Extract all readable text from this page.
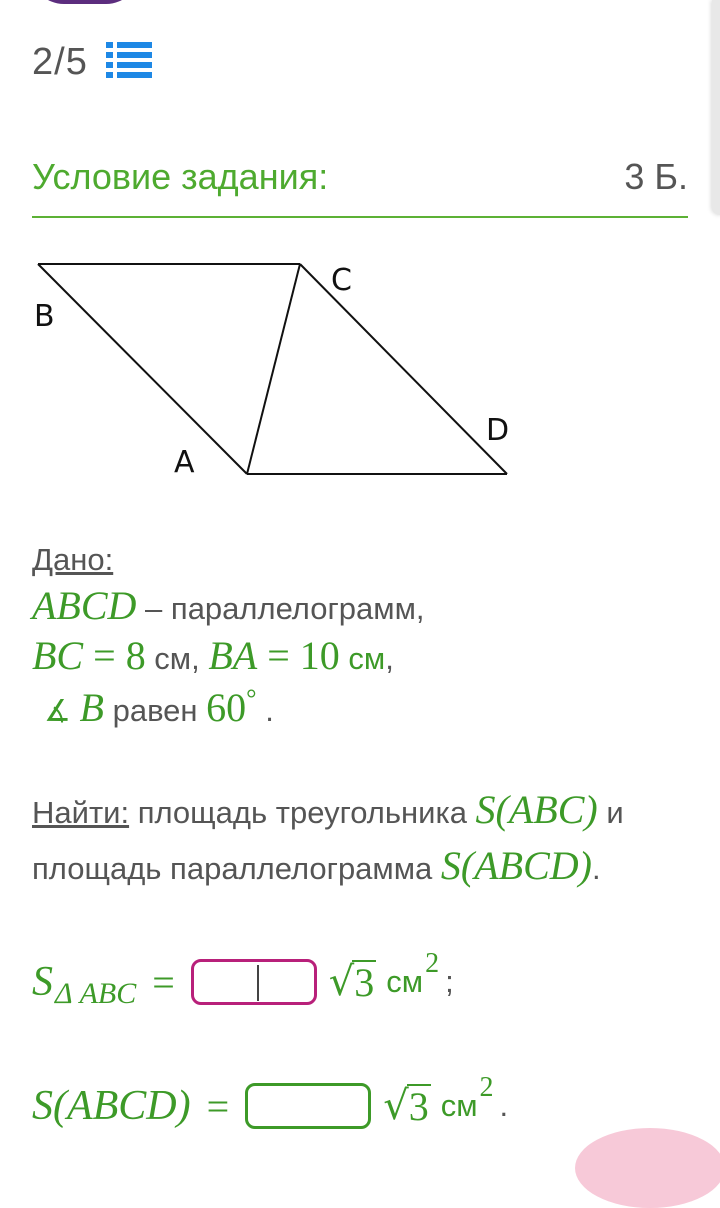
2/5
Условие задания:	3 Б.
B
C
A
D
Дано:
ABCD – параллелограмм,
BC = 8 см, BA = 10 см,
∡ B равен 60° .
Найти: площадь треугольника S(ABC) и
площадь параллелограмма S(ABCD).
S Δ ABC =	√ 3 см
2
;
S(ABCD) =	√ 3 см
2
.
